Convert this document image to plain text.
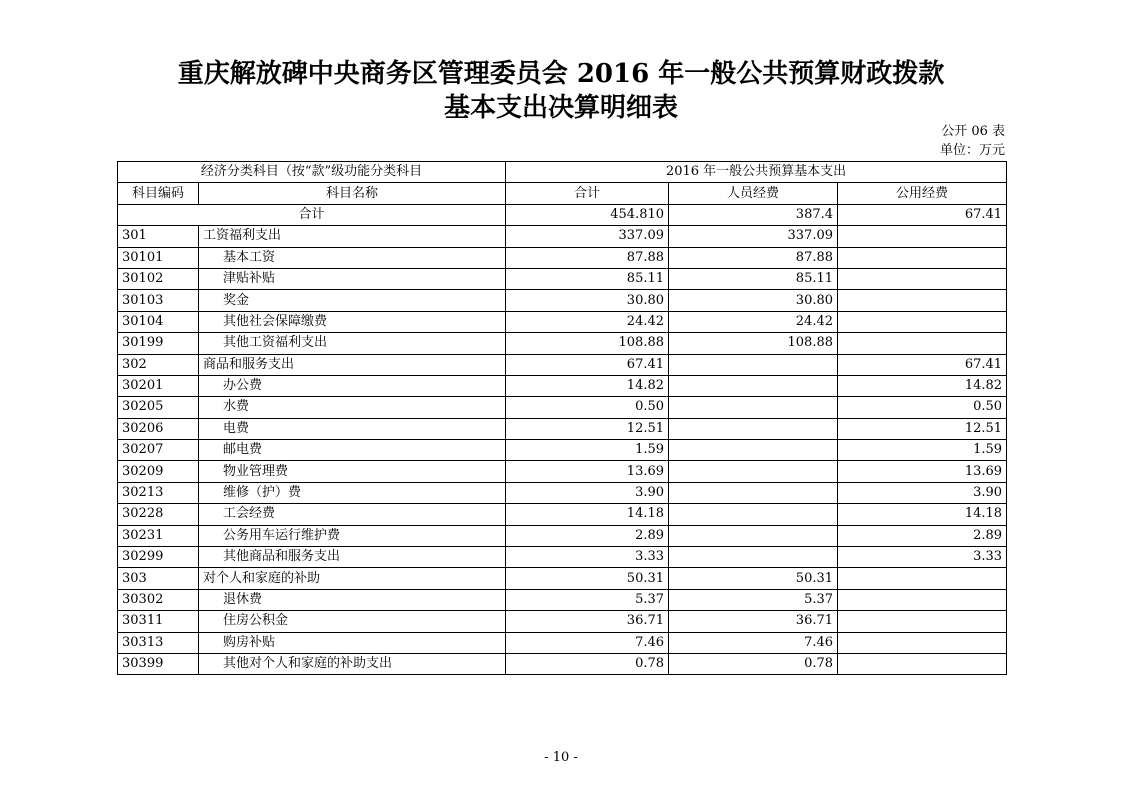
重庆解放碑中央商务区管理委员会 2016 年一般公共预算财政拨款
基本支出决算明细表
公开 06 表
单位：万元
经济分类科目（按“款”级功能分类科目		2016 年一般公共预算基本支出		
科目编码	科目名称	合计	人员经费	公用经费
合计		454.810	387.4	67.41
301	工资福利支出	337.09	337.09	
30101	基本工资	87.88	87.88	
30102	津贴补贴	85.11	85.11	
30103	奖金	30.80	30.80	
30104	其他社会保障缴费	24.42	24.42	
30199	其他工资福利支出	108.88	108.88	
302	商品和服务支出	67.41		67.41
30201	办公费	14.82		14.82
30205	水费	0.50		0.50
30206	电费	12.51		12.51
30207	邮电费	1.59		1.59
30209	物业管理费	13.69		13.69
30213	维修（护）费	3.90		3.90
30228	工会经费	14.18		14.18
30231	公务用车运行维护费	2.89		2.89
30299	其他商品和服务支出	3.33		3.33
303	对个人和家庭的补助	50.31	50.31	
30302	退休费	5.37	5.37	
30311	住房公积金	36.71	36.71	
30313	购房补贴	7.46	7.46	
30399	其他对个人和家庭的补助支出	0.78	0.78	
- 10 -
